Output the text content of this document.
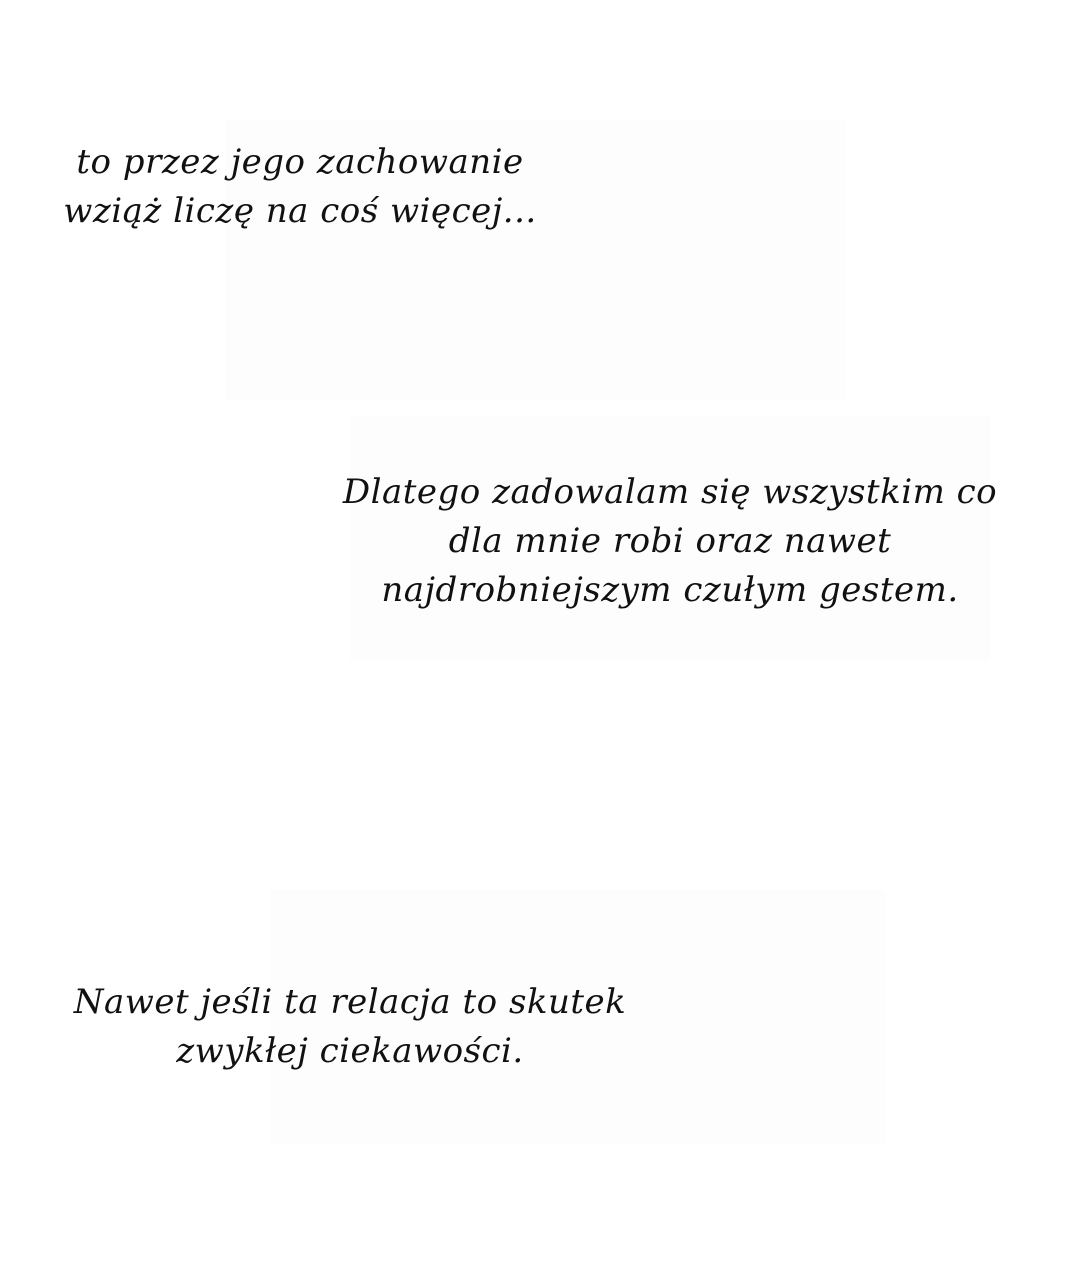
to przez jego zachowanie
wziąż liczę na coś więcej...
Dlatego zadowalam się wszystkim co
dla mnie robi oraz nawet
najdrobniejszym czułym gestem.
Nawet jeśli ta relacja to skutek
zwykłej ciekawości.
